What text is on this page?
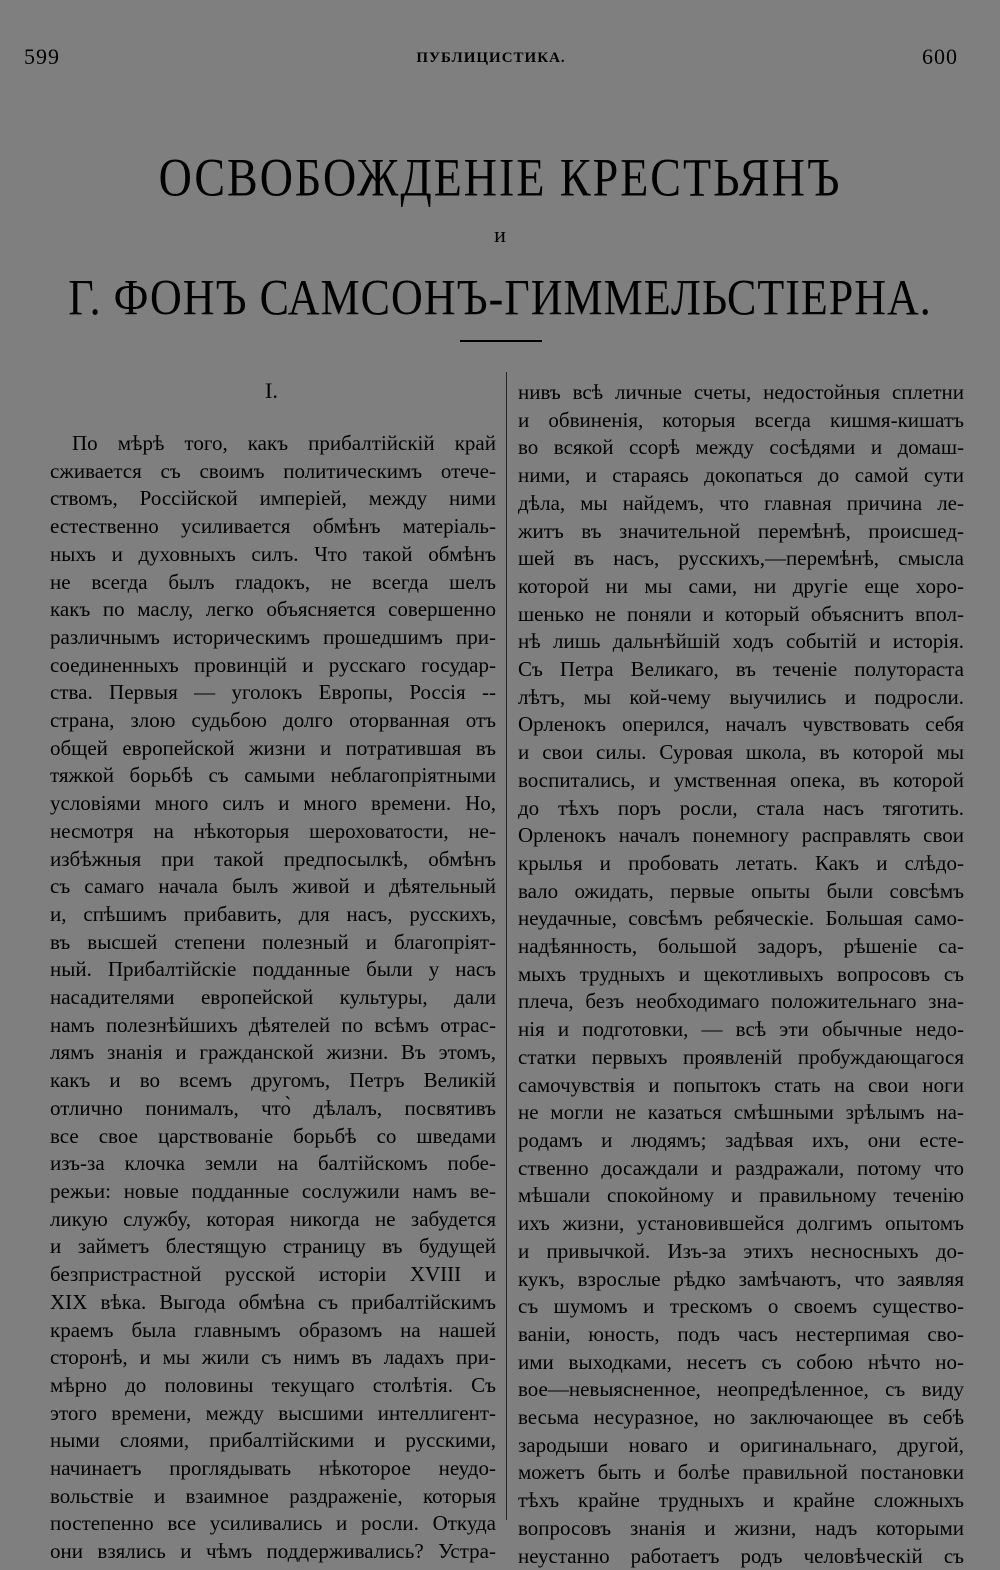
599	ПУБЛИЦИСТИКА.	600
ОСВОБОЖДЕНІЕ КРЕСТЬЯНЪ
и
Г. ФОНЪ САМСОНЪ-ГИММЕЛЬСТІЕРНА.
I.
По мѣрѣ того, какъ прибалтійскій край
сживается съ своимъ политическимъ отече-
ствомъ, Россійской имперіей, между ними
естественно усиливается обмѣнъ матеріаль-
ныхъ и духовныхъ силъ. Что такой обмѣнъ
не всегда былъ гладокъ, не всегда шелъ
какъ по маслу, легко объясняется совершенно
различнымъ историческимъ прошедшимъ при-
соединенныхъ провинцій и русскаго государ-
ства. Первыя — уголокъ Европы, Россія --
страна, злою судьбою долго оторванная отъ
общей европейской жизни и потратившая въ
тяжкой борьбѣ съ самыми неблагопріятными
условіями много силъ и много времени. Но,
несмотря на нѣкоторыя шероховатости, не-
избѣжныя при такой предпосылкѣ, обмѣнъ
съ самаго начала былъ живой и дѣятельный
и, спѣшимъ прибавить, для насъ, русскихъ,
въ высшей степени полезный и благопріят-
ный. Прибалтійскіе подданные были у насъ
насадителями европейской культуры, дали
намъ полезнѣйшихъ дѣятелей по всѣмъ отрас-
лямъ знанія и гражданской жизни. Въ этомъ,
какъ и во всемъ другомъ, Петръ Великій
отлично понималъ, что̀ дѣлалъ, посвятивъ
все свое царствованіе борьбѣ со шведами
изъ-за клочка земли на балтійскомъ побе-
режьи: новые подданные сослужили намъ ве-
ликую службу, которая никогда не забудется
и займетъ блестящую страницу въ будущей
безпристрастной русской исторіи XVIII и
XIX вѣка. Выгода обмѣна съ прибалтійскимъ
краемъ была главнымъ образомъ на нашей
сторонѣ, и мы жили съ нимъ въ ладахъ при-
мѣрно до половины текущаго столѣтія. Съ
этого времени, между высшими интеллигент-
ными слоями, прибалтійскими и русскими,
начинаетъ проглядывать нѣкоторое неудо-
вольствіе и взаимное раздраженіе, которыя
постепенно все усиливались и росли. Откуда
они взялись и чѣмъ поддерживались? Устра-
нивъ всѣ личные счеты, недостойныя сплетни
и обвиненія, которыя всегда кишмя-кишатъ
во всякой ссорѣ между сосѣдями и домаш-
ними, и стараясь докопаться до самой сути
дѣла, мы найдемъ, что главная причина ле-
житъ въ значительной перемѣнѣ, происшед-
шей въ насъ, русскихъ,—перемѣнѣ, смысла
которой ни мы сами, ни другіе еще хоро-
шенько не поняли и который объяснитъ впол-
нѣ лишь дальнѣйшій ходъ событій и исторія.
Съ Петра Великаго, въ теченіе полутораста
лѣтъ, мы кой-чему выучились и подросли.
Орленокъ оперился, началъ чувствовать себя
и свои силы. Суровая школа, въ которой мы
воспитались, и умственная опека, въ которой
до тѣхъ поръ росли, стала насъ тяготить.
Орленокъ началъ понемногу расправлять свои
крылья и пробовать летать. Какъ и слѣдо-
вало ожидать, первые опыты были совсѣмъ
неудачные, совсѣмъ ребяческіе. Большая само-
надѣянность, большой задоръ, рѣшеніе са-
мыхъ трудныхъ и щекотливыхъ вопросовъ съ
плеча, безъ необходимаго положительнаго зна-
нія и подготовки, — всѣ эти обычные недо-
статки первыхъ проявленій пробуждающагося
самочувствія и попытокъ стать на свои ноги
не могли не казаться смѣшными зрѣлымъ на-
родамъ и людямъ; задѣвая ихъ, они есте-
ственно досаждали и раздражали, потому что
мѣшали спокойному и правильному теченію
ихъ жизни, установившейся долгимъ опытомъ
и привычкой. Изъ-за этихъ несносныхъ до-
кукъ, взрослые рѣдко замѣчаютъ, что заявляя
съ шумомъ и трескомъ о своемъ существо-
ваніи, юность, подъ часъ нестерпимая сво-
ими выходками, несетъ съ собою нѣчто но-
вое—невыясненное, неопредѣленное, съ виду
весьма несуразное, но заключающее въ себѣ
зародыши новаго и оригинальнаго, другой,
можетъ быть и болѣе правильной постановки
тѣхъ крайне трудныхъ и крайне сложныхъ
вопросовъ знанія и жизни, надъ которыми
неустанно работаетъ родъ человѣческій съ
